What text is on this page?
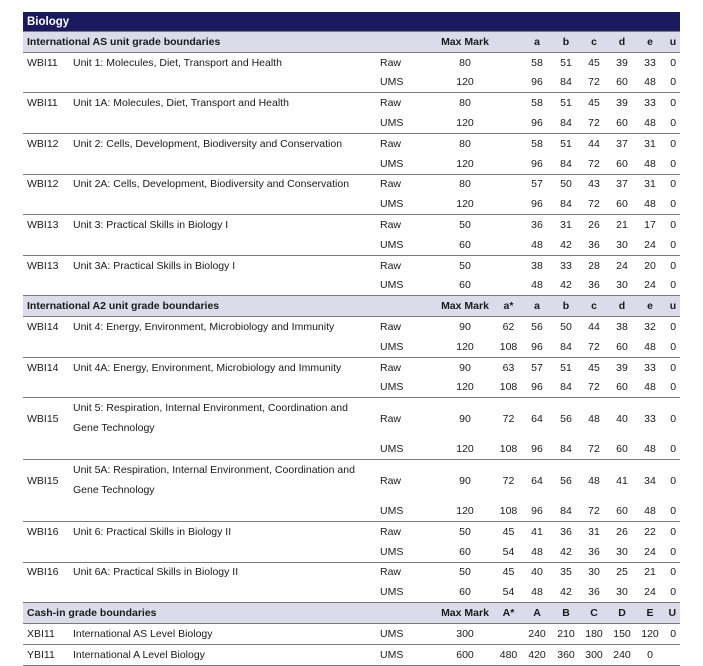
Biology										
International AS unit grade boundaries			Max Mark		a	b	c	d	e	u
WBI11	Unit 1: Molecules, Diet, Transport and Health	Raw	80		58	51	45	39	33	0
		UMS	120		96	84	72	60	48	0
WBI11	Unit 1A: Molecules, Diet, Transport and Health	Raw	80		58	51	45	39	33	0
		UMS	120		96	84	72	60	48	0
WBI12	Unit 2: Cells, Development, Biodiversity and Conservation	Raw	80		58	51	44	37	31	0
		UMS	120		96	84	72	60	48	0
WBI12	Unit 2A: Cells, Development, Biodiversity and Conservation	Raw	80		57	50	43	37	31	0
		UMS	120		96	84	72	60	48	0
WBI13	Unit 3: Practical Skills in Biology I	Raw	50		36	31	26	21	17	0
		UMS	60		48	42	36	30	24	0
WBI13	Unit 3A: Practical Skills in Biology I	Raw	50		38	33	28	24	20	0
		UMS	60		48	42	36	30	24	0
International A2 unit grade boundaries			Max Mark	a*	a	b	c	d	e	u
WBI14	Unit 4: Energy, Environment, Microbiology and Immunity	Raw	90	62	56	50	44	38	32	0
		UMS	120	108	96	84	72	60	48	0
WBI14	Unit 4A: Energy, Environment, Microbiology and Immunity	Raw	90	63	57	51	45	39	33	0
		UMS	120	108	96	84	72	60	48	0
WBI15	Unit 5: Respiration, Internal Environment, Coordination and Gene Technology	Raw	90	72	64	56	48	40	33	0
		UMS	120	108	96	84	72	60	48	0
WBI15	Unit 5A: Respiration, Internal Environment, Coordination and Gene Technology	Raw	90	72	64	56	48	41	34	0
		UMS	120	108	96	84	72	60	48	0
WBI16	Unit 6: Practical Skills in Biology II	Raw	50	45	41	36	31	26	22	0
		UMS	60	54	48	42	36	30	24	0
WBI16	Unit 6A: Practical Skills in Biology II	Raw	50	45	40	35	30	25	21	0
		UMS	60	54	48	42	36	30	24	0
Cash-in grade boundaries			Max Mark	A*	A	B	C	D	E	U
XBI11	International AS Level Biology	UMS	300		240	210	180	150	120	0
YBI11	International A Level Biology	UMS	600	480	420	360	300	240	0	
